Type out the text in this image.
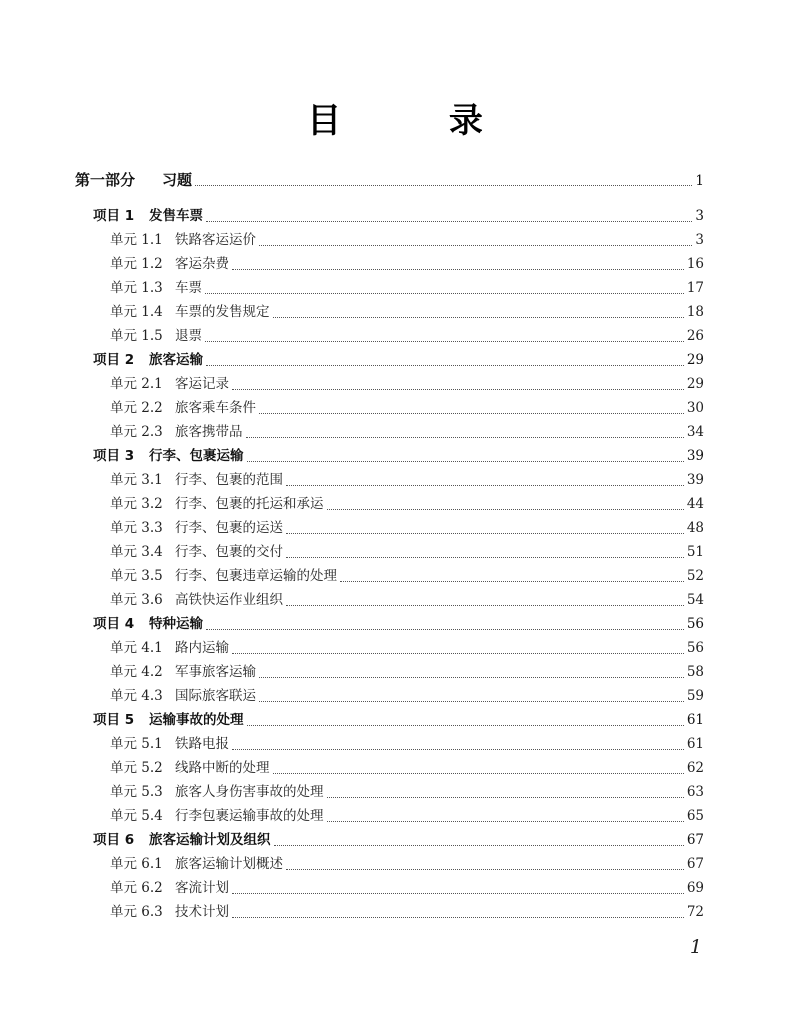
目 录
第一部分	习题	1
项目 1	发售车票	3
单元 1.1 铁路客运运价	3
单元 1.2 客运杂费	16
单元 1.3 车票	17
单元 1.4 车票的发售规定	18
单元 1.5 退票	26
项目 2	旅客运输	29
单元 2.1 客运记录	29
单元 2.2 旅客乘车条件	30
单元 2.3 旅客携带品	34
项目 3	行李、包裹运输	39
单元 3.1 行李、包裹的范围	39
单元 3.2 行李、包裹的托运和承运	44
单元 3.3 行李、包裹的运送	48
单元 3.4 行李、包裹的交付	51
单元 3.5 行李、包裹违章运输的处理	52
单元 3.6 高铁快运作业组织	54
项目 4	特种运输	56
单元 4.1 路内运输	56
单元 4.2 军事旅客运输	58
单元 4.3 国际旅客联运	59
项目 5	运输事故的处理	61
单元 5.1 铁路电报	61
单元 5.2 线路中断的处理	62
单元 5.3 旅客人身伤害事故的处理	63
单元 5.4 行李包裹运输事故的处理	65
项目 6	旅客运输计划及组织	67
单元 6.1 旅客运输计划概述	67
单元 6.2 客流计划	69
单元 6.3 技术计划	72
1
